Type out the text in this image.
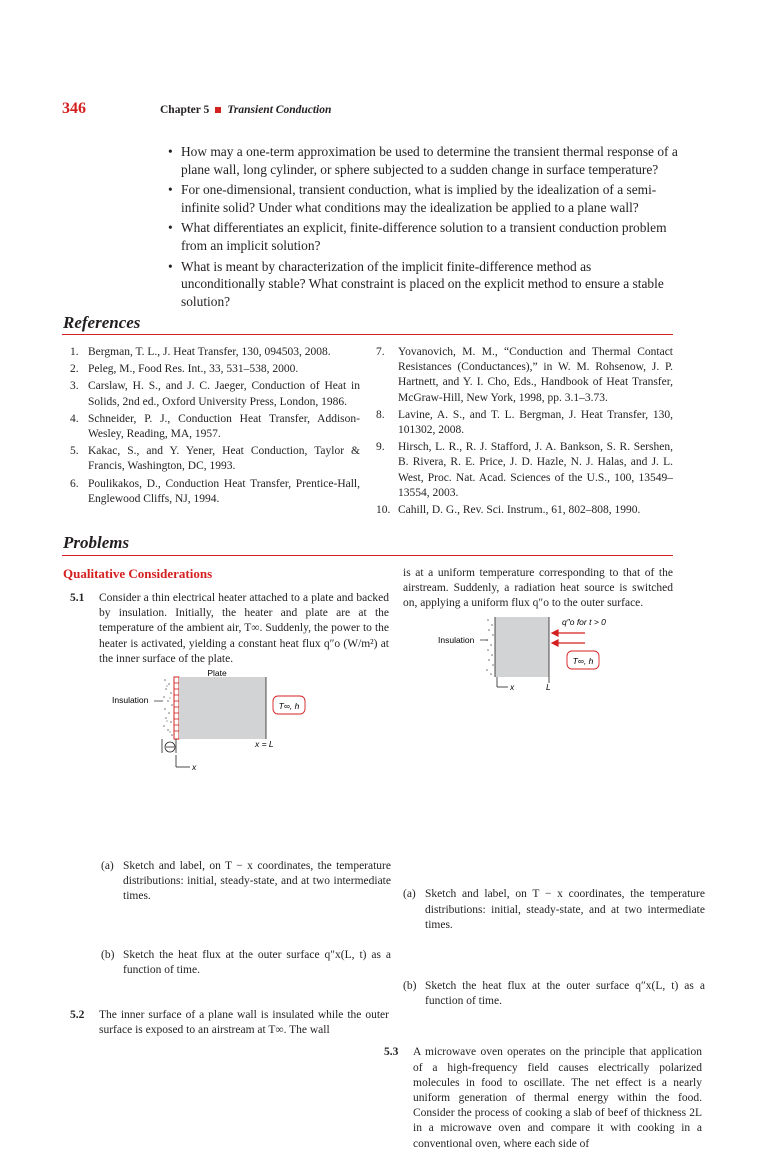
346	Chapter 5 Transient Conduction
• How may a one-term approximation be used to determine the transient thermal response of a plane wall, long cylinder, or sphere subjected to a sudden change in surface temperature?
• For one-dimensional, transient conduction, what is implied by the idealization of a semi-infinite solid? Under what conditions may the idealization be applied to a plane wall?
• What differentiates an explicit, finite-difference solution to a transient conduction problem from an implicit solution?
• What is meant by characterization of the implicit finite-difference method as unconditionally stable? What constraint is placed on the explicit method to ensure a stable solution?
References
1. Bergman, T. L., J. Heat Transfer, 130, 094503, 2008.
2. Peleg, M., Food Res. Int., 33, 531–538, 2000.
3. Carslaw, H. S., and J. C. Jaeger, Conduction of Heat in Solids, 2nd ed., Oxford University Press, London, 1986.
4. Schneider, P. J., Conduction Heat Transfer, Addison-Wesley, Reading, MA, 1957.
5. Kakac, S., and Y. Yener, Heat Conduction, Taylor & Francis, Washington, DC, 1993.
6. Poulikakos, D., Conduction Heat Transfer, Prentice-Hall, Englewood Cliffs, NJ, 1994.
7. Yovanovich, M. M., “Conduction and Thermal Contact Resistances (Conductances),” in W. M. Rohsenow, J. P. Hartnett, and Y. I. Cho, Eds., Handbook of Heat Transfer, McGraw-Hill, New York, 1998, pp. 3.1–3.73.
8. Lavine, A. S., and T. L. Bergman, J. Heat Transfer, 130, 101302, 2008.
9. Hirsch, L. R., R. J. Stafford, J. A. Bankson, S. R. Sershen, B. Rivera, R. E. Price, J. D. Hazle, N. J. Halas, and J. L. West, Proc. Nat. Acad. Sciences of the U.S., 100, 13549–13554, 2003.
10. Cahill, D. G., Rev. Sci. Instrum., 61, 802–808, 1990.
Problems
Qualitative Considerations
5.1 Consider a thin electrical heater attached to a plate and backed by insulation. Initially, the heater and plate are at the temperature of the ambient air, T∞. Suddenly, the power to the heater is activated, yielding a constant heat flux q″o (W/m²) at the inner surface of the plate.
Plate
Insulation
T∞, h
x
x = L
(a) Sketch and label, on T − x coordinates, the temperature distributions: initial, steady-state, and at two intermediate times.
(b) Sketch the heat flux at the outer surface q″x(L, t) as a function of time.
5.2 The inner surface of a plane wall is insulated while the outer surface is exposed to an airstream at T∞. The wall
is at a uniform temperature corresponding to that of the airstream. Suddenly, a radiation heat source is switched on, applying a uniform flux q″o to the outer surface.
Insulation
q″o for t > 0
T∞, h
x	L
(a) Sketch and label, on T − x coordinates, the temperature distributions: initial, steady-state, and at two intermediate times.
(b) Sketch the heat flux at the outer surface q″x(L, t) as a function of time.
5.3 A microwave oven operates on the principle that application of a high-frequency field causes electrically polarized molecules in food to oscillate. The net effect is a nearly uniform generation of thermal energy within the food. Consider the process of cooking a slab of beef of thickness 2L in a microwave oven and compare it with cooking in a conventional oven, where each side of
